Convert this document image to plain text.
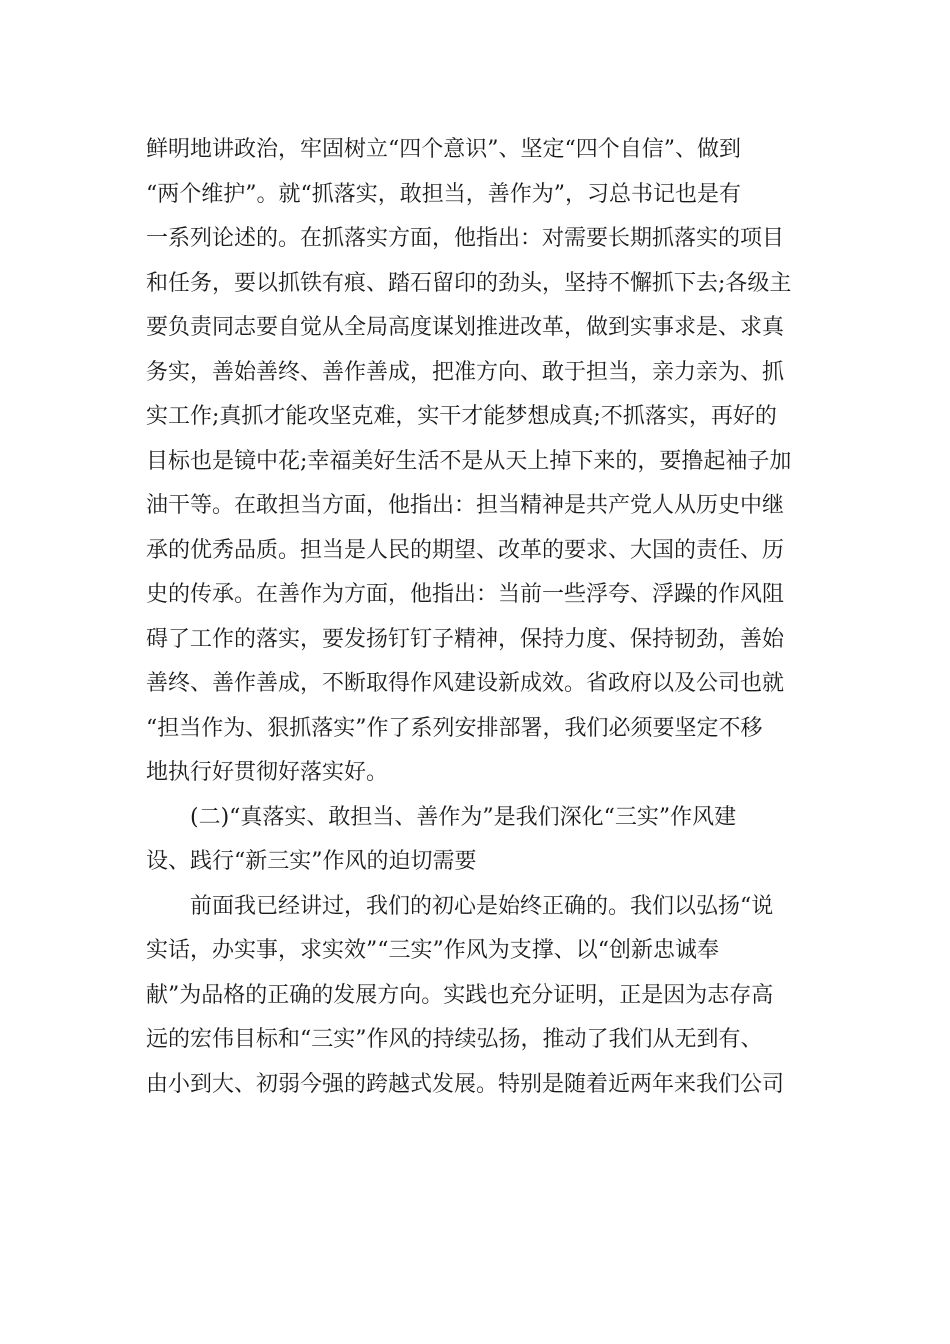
鲜明地讲政治，牢固树立“四个意识”、坚定“四个自信”、做到
“两个维护”。就“抓落实，敢担当，善作为”，习总书记也是有
一系列论述的。在抓落实方面，他指出：对需要长期抓落实的项目
和任务，要以抓铁有痕、踏石留印的劲头，坚持不懈抓下去;各级主
要负责同志要自觉从全局高度谋划推进改革，做到实事求是、求真
务实，善始善终、善作善成，把准方向、敢于担当，亲力亲为、抓
实工作;真抓才能攻坚克难，实干才能梦想成真;不抓落实，再好的
目标也是镜中花;幸福美好生活不是从天上掉下来的，要撸起袖子加
油干等。在敢担当方面，他指出：担当精神是共产党人从历史中继
承的优秀品质。担当是人民的期望、改革的要求、大国的责任、历
史的传承。在善作为方面，他指出：当前一些浮夸、浮躁的作风阻
碍了工作的落实，要发扬钉钉子精神，保持力度、保持韧劲，善始
善终、善作善成，不断取得作风建设新成效。省政府以及公司也就
“担当作为、狠抓落实”作了系列安排部署，我们必须要坚定不移
地执行好贯彻好落实好。
(二)“真落实、敢担当、善作为”是我们深化“三实”作风建
设、践行“新三实”作风的迫切需要
前面我已经讲过，我们的初心是始终正确的。我们以弘扬“说
实话，办实事，求实效”“三实”作风为支撑、以“创新忠诚奉
献”为品格的正确的发展方向。实践也充分证明，正是因为志存高
远的宏伟目标和“三实”作风的持续弘扬，推动了我们从无到有、
由小到大、初弱今强的跨越式发展。特别是随着近两年来我们公司
